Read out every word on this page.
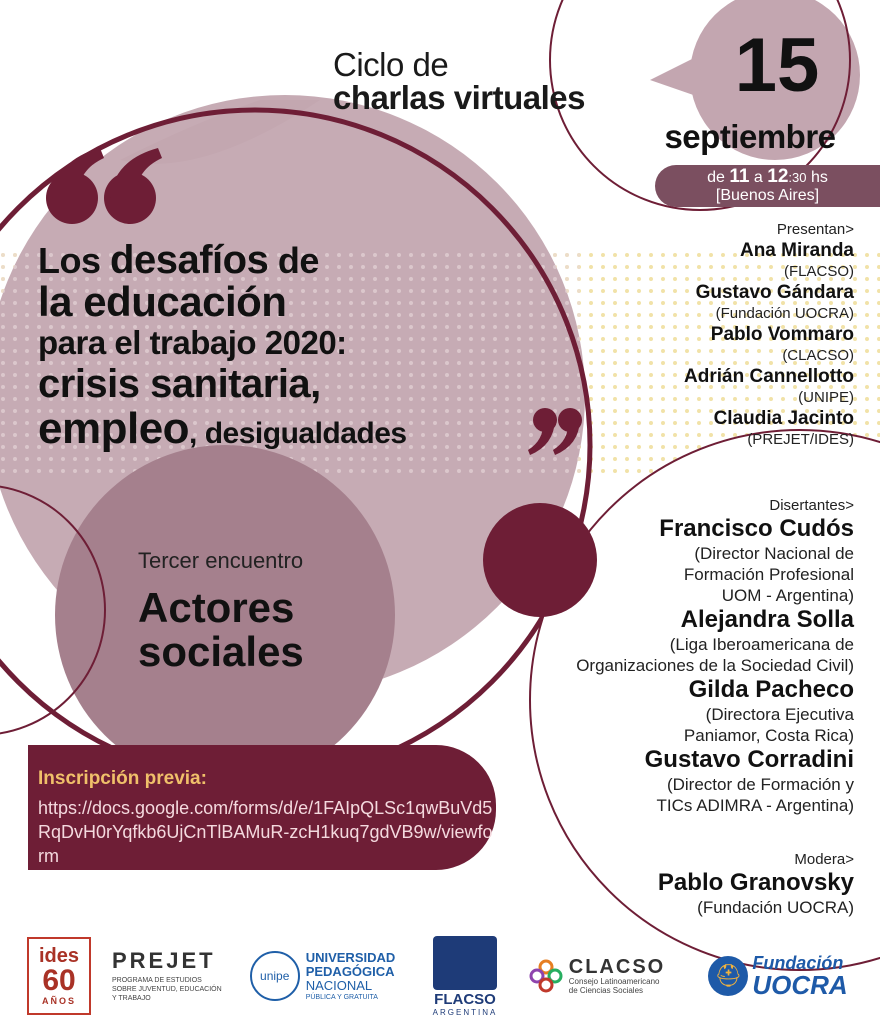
Ciclo de
charlas virtuales 15
septiembre
de 11 a 12:30 hs
[Buenos Aires]
Los desafíos de
la educación
para el trabajo 2020:
crisis sanitaria,
empleo, desigualdades
Tercer encuentro
Actores
sociales
Inscripción previa:
https://docs.google.com/forms/d/e/1FAIpQLSc1qwBuVd5RqDvH0rYqfkb6UjCnTlBAMuR-zcH1kuq7gdVB9w/viewform
Presentan>
Ana Miranda
(FLACSO)
Gustavo Gándara
(Fundación UOCRA)
Pablo Vommaro
(CLACSO)
Adrián Cannellotto
(UNIPE)
Claudia Jacinto
(PREJET/IDES)
Disertantes>
Francisco Cudós
(Director Nacional de
Formación Profesional
UOM - Argentina)
Alejandra Solla
(Liga Iberoamericana de
Organizaciones de la Sociedad Civil)
Gilda Pacheco
(Directora Ejecutiva
Paniamor, Costa Rica)
Gustavo Corradini
(Director de Formación y
TICs ADIMRA - Argentina)
Modera>
Pablo Granovsky
(Fundación UOCRA)
ides
60
AÑOS
PREJET
PROGRAMA DE ESTUDIOS SOBRE JUVENTUD, EDUCACIÓN Y TRABAJO
unipe
UNIVERSIDAD
PEDAGÓGICA
NACIONAL
PÚBLICA Y GRATUITA	FLACSO
ARGENTINA
CLACSO
Consejo Latinoamericano
de Ciencias Sociales
⛑ Fundación
UOCRA
